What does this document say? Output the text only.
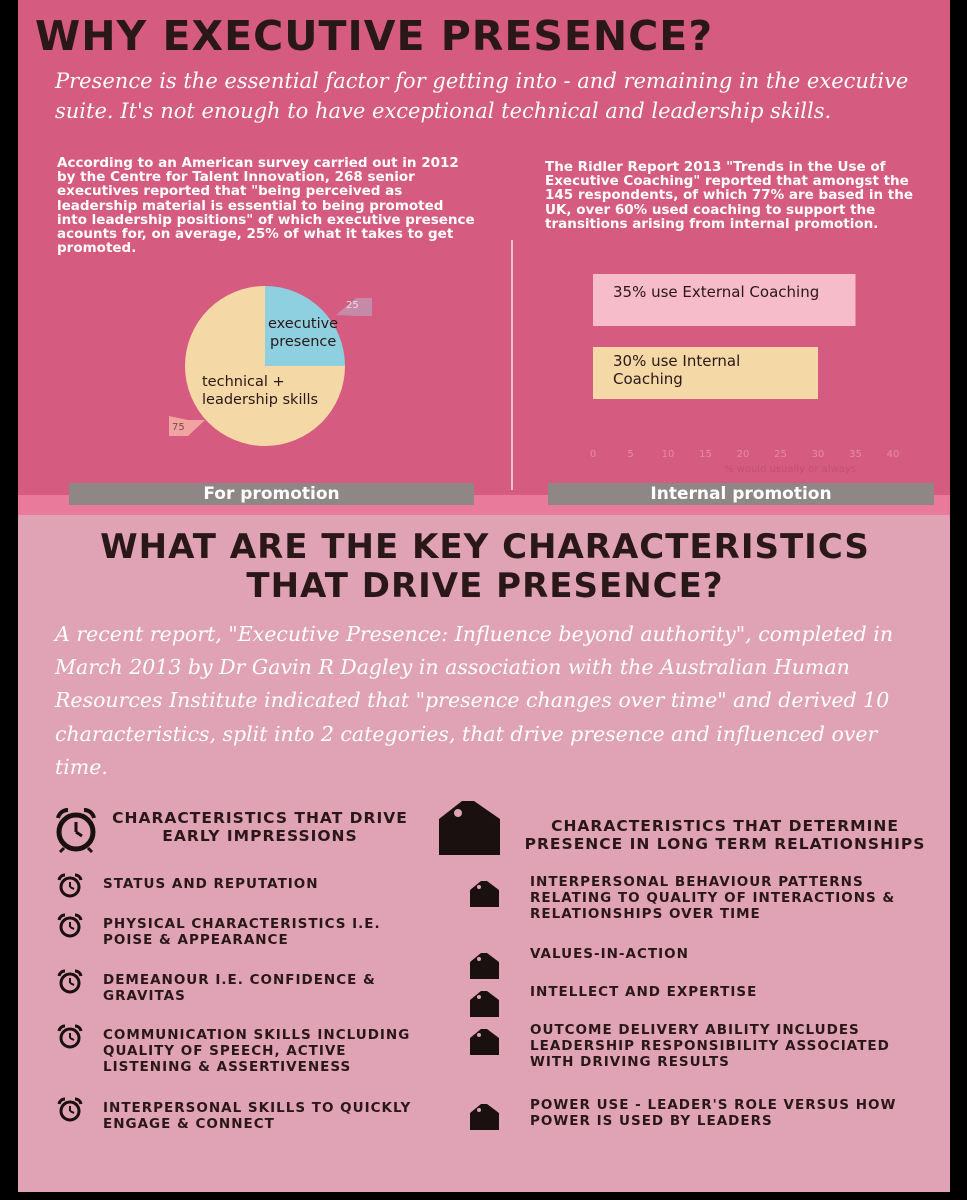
WHY EXECUTIVE PRESENCE?
Presence is the essential factor for getting into - and remaining in the executive suite. It's not enough to have exceptional technical and leadership skills.
According to an American survey carried out in 2012 by the Centre for Talent Innovation, 268 senior executives reported that "being perceived as leadership material is essential to being promoted into leadership positions" of which executive presence acounts for, on average, 25% of what it takes to get promoted.
The Ridler Report 2013 "Trends in the Use of Executive Coaching" reported that amongst the 145 respondents, of which 77% are based in the UK, over 60% used coaching to support the transitions arising from internal promotion.
25
75
executive
presence
technical +
leadership skills
0	5	10 15 20 25 30 35 40
% would usually or always
35% use External Coaching
30% use Internal Coaching
For promotion	Internal promotion
WHAT ARE THE KEY CHARACTERISTICS THAT DRIVE PRESENCE?
A recent report, "Executive Presence: Influence beyond authority", completed in March 2013 by Dr Gavin R Dagley in association with the Australian Human Resources Institute indicated that "presence changes over time" and derived 10 characteristics, split into 2 categories, that drive presence and influenced over time.
CHARACTERISTICS THAT DRIVE EARLY IMPRESSIONS
CHARACTERISTICS THAT DETERMINE PRESENCE IN LONG TERM RELATIONSHIPS
STATUS AND REPUTATION
PHYSICAL CHARACTERISTICS I.E. POISE & APPEARANCE
DEMEANOUR I.E. CONFIDENCE & GRAVITAS
COMMUNICATION SKILLS INCLUDING QUALITY OF SPEECH, ACTIVE LISTENING & ASSERTIVENESS
INTERPERSONAL SKILLS TO QUICKLY ENGAGE & CONNECT
INTERPERSONAL BEHAVIOUR PATTERNS RELATING TO QUALITY OF INTERACTIONS & RELATIONSHIPS OVER TIME
VALUES-IN-ACTION
INTELLECT AND EXPERTISE
OUTCOME DELIVERY ABILITY INCLUDES LEADERSHIP RESPONSIBILITY ASSOCIATED WITH DRIVING RESULTS
POWER USE - LEADER'S ROLE VERSUS HOW POWER IS USED BY LEADERS
